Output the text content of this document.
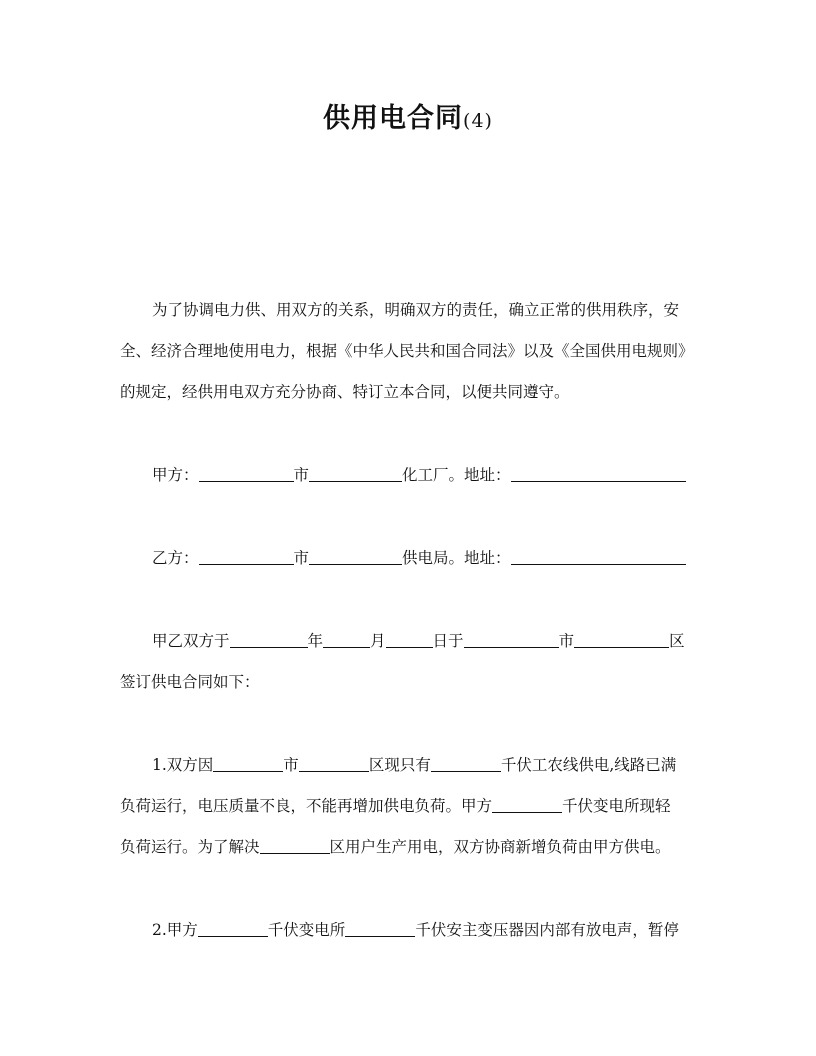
供用电合同(4)
为了协调电力供、用双方的关系，明确双方的责任，确立正常的供用秩序，安
全、经济合理地使用电力，根据《中华人民共和国合同法》以及《全国供用电规则》
的规定，经供用电双方充分协商、特订立本合同，以便共同遵守。
甲方：	市	化工厂。地址：
乙方：	市	供电局。地址：
甲乙双方于	年	月	日于	市	区
签订供电合同如下：
1.双方因	市	区现只有	千伏工农线供电,线路已满
负荷运行，电压质量不良，不能再增加供电负荷。甲方	千伏变电所现轻
负荷运行。为了解决	区用户生产用电，双方协商新增负荷由甲方供电。
2.甲方	千伏变电所	千伏安主变压器因内部有放电声，暂停
